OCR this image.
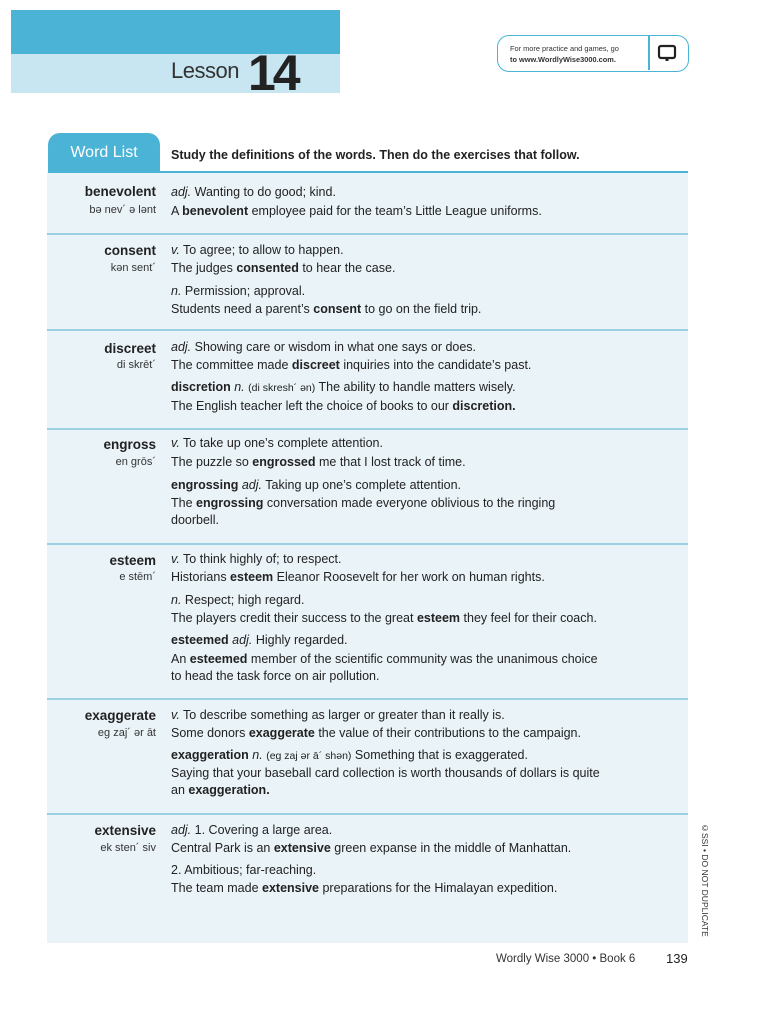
Lesson 14	For more practice and games, go
to www.WordlyWise3000.com.
Word List	Study the definitions of the words. Then do the exercises that follow.
benevolent
bə nev´ ə lənt
adj. Wanting to do good; kind.
A benevolent employee paid for the team’s Little League uniforms.
consent
kən sent´
v. To agree; to allow to happen.
The judges consented to hear the case.
n. Permission; approval.
Students need a parent’s consent to go on the field trip.
discreet
di skrēt´
adj. Showing care or wisdom in what one says or does.
The committee made discreet inquiries into the candidate’s past.
discretion n. (di skresh´ ən) The ability to handle matters wisely.
The English teacher left the choice of books to our discretion.
engross
en grōs´
v. To take up one’s complete attention.
The puzzle so engrossed me that I lost track of time.
engrossing adj. Taking up one’s complete attention.
The engrossing conversation made everyone oblivious to the ringing
doorbell.
esteem
e stēm´
v. To think highly of; to respect.
Historians esteem Eleanor Roosevelt for her work on human rights.
n. Respect; high regard.
The players credit their success to the great esteem they feel for their coach.
esteemed adj. Highly regarded.
An esteemed member of the scientific community was the unanimous choice
to head the task force on air pollution.
exaggerate
eg zaj´ ər āt
v. To describe something as larger or greater than it really is.
Some donors exaggerate the value of their contributions to the campaign.
exaggeration n. (eg zaj ər ā´ shən) Something that is exaggerated.
Saying that your baseball card collection is worth thousands of dollars is quite
an exaggeration.
extensive
ek sten´ siv
adj. 1. Covering a large area.
Central Park is an extensive green expanse in the middle of Manhattan.
2. Ambitious; far-reaching.
The team made extensive preparations for the Himalayan expedition.
Wordly Wise 3000 • Book 6 139
©SSI • DO NOT DUPLICATE
